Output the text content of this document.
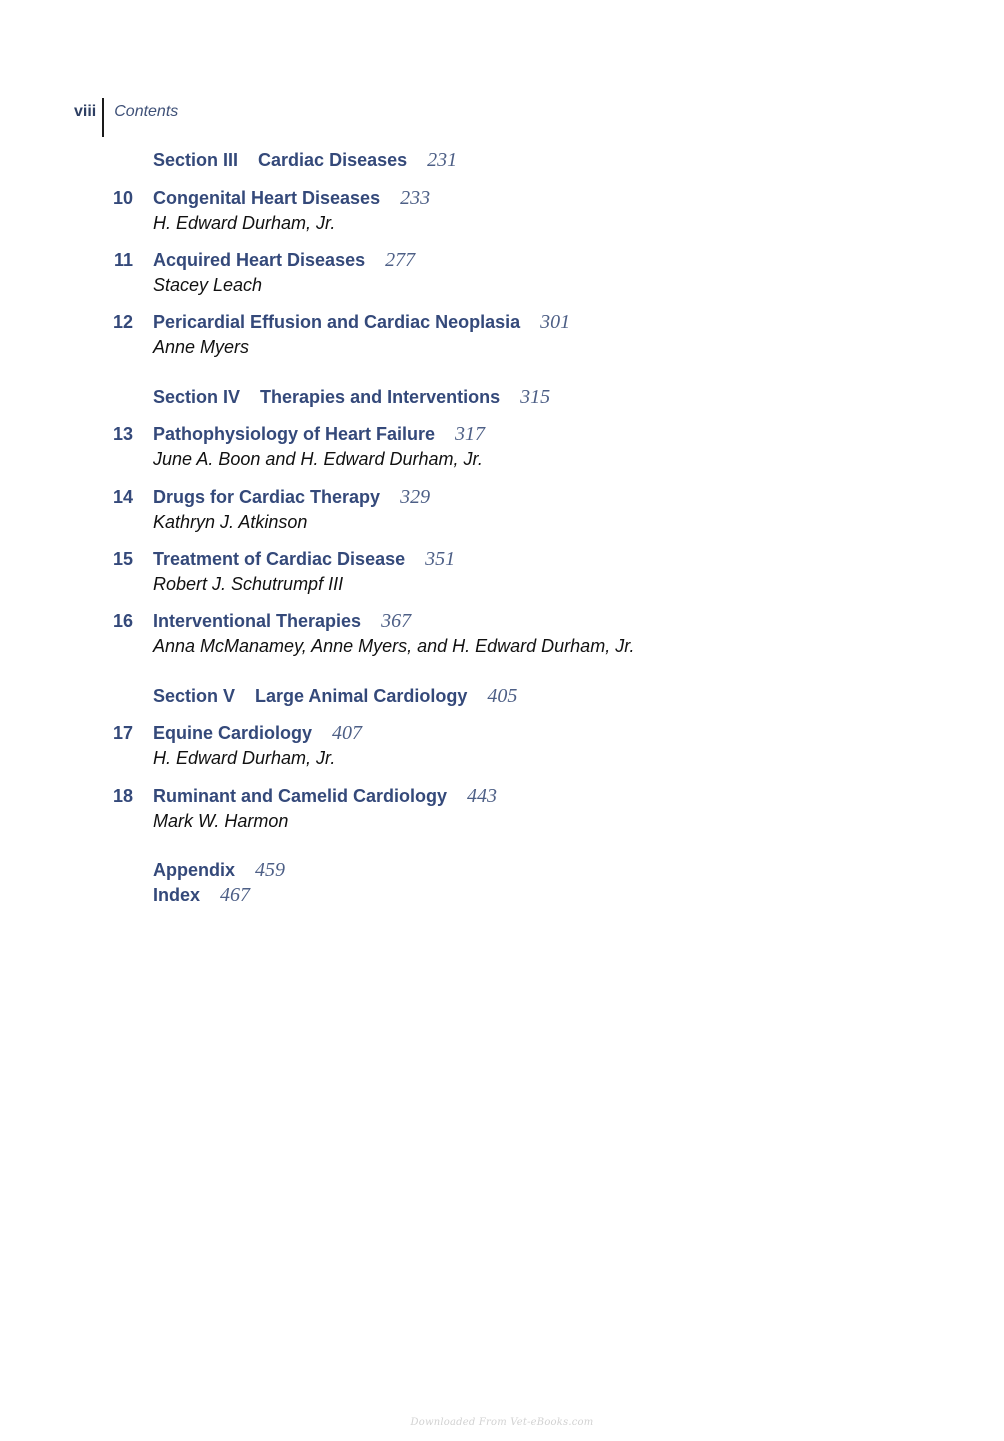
viii	Contents
Section III Cardiac Diseases 231
10 Congenital Heart Diseases 233
H. Edward Durham, Jr.
11 Acquired Heart Diseases 277
Stacey Leach
12 Pericardial Effusion and Cardiac Neoplasia 301
Anne Myers
Section IV Therapies and Interventions 315
13 Pathophysiology of Heart Failure 317
June A. Boon and H. Edward Durham, Jr.
14 Drugs for Cardiac Therapy 329
Kathryn J. Atkinson
15 Treatment of Cardiac Disease 351
Robert J. Schutrumpf III
16 Interventional Therapies 367
Anna McManamey, Anne Myers, and H. Edward Durham, Jr.
Section V Large Animal Cardiology 405
17 Equine Cardiology 407
H. Edward Durham, Jr.
18 Ruminant and Camelid Cardiology 443
Mark W. Harmon
Appendix 459
Index 467
Downloaded From Vet-eBooks.com
